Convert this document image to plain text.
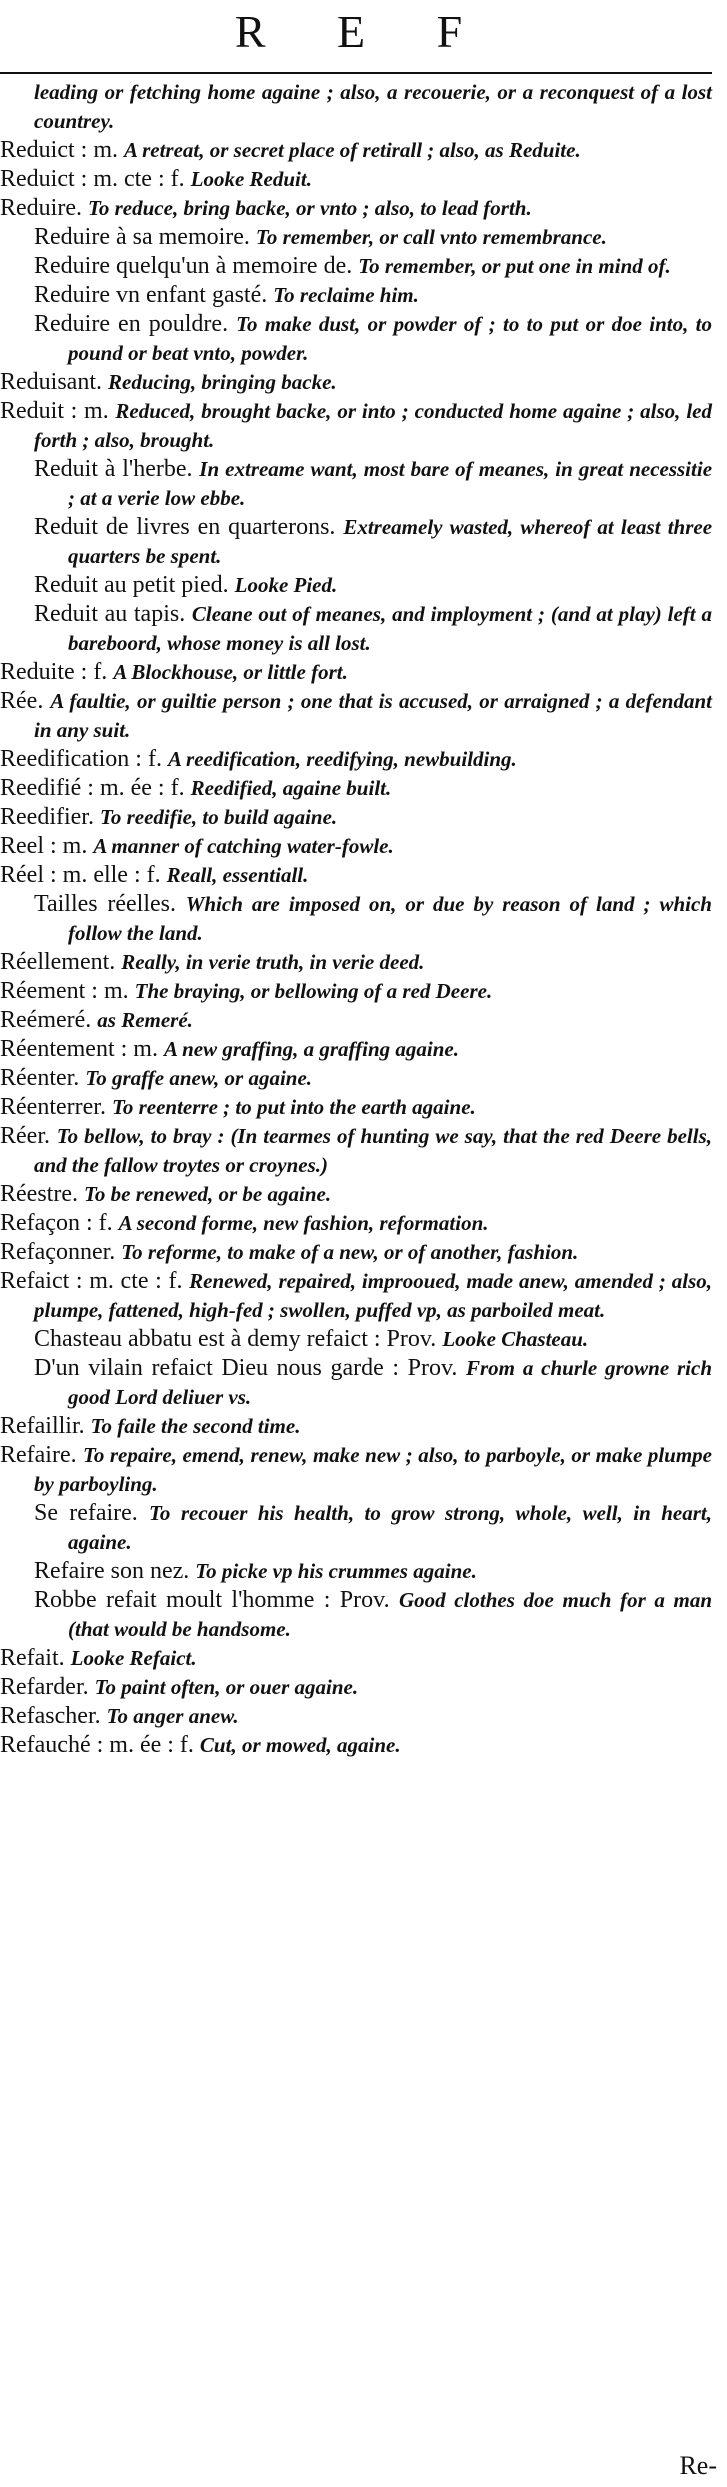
R E F

leading or fetching home againe ; also, a recouerie, or a reconquest of a lost countrey.

Reduict : m. A retreat, or secret place of retirall ; also, as Reduite.

Reduict : m. cte : f. Looke Reduit.

Reduire. To reduce, bring backe, or vnto ; also, to lead forth.

Reduire à sa memoire. To remember, or call vnto remembrance.

Reduire quelqu'un à memoire de. To remember, or put one in mind of.

Reduire vn enfant gasté. To reclaime him.

Reduire en pouldre. To make dust, or powder of ; to to put or doe into, to pound or beat vnto, powder.

Reduisant. Reducing, bringing backe.

Reduit : m. Reduced, brought backe, or into ; conducted home againe ; also, led forth ; also, brought.

Reduit à l'herbe. In extreame want, most bare of meanes, in great necessitie ; at a verie low ebbe.

Reduit de livres en quarterons. Extreamely wasted, whereof at least three quarters be spent.

Reduit au petit pied. Looke Pied.

Reduit au tapis. Cleane out of meanes, and imployment ; (and at play) left a bareboord, whose money is all lost.

Reduite : f. A Blockhouse, or little fort.

Rée. A faultie, or guiltie person ; one that is accused, or arraigned ; a defendant in any suit.

Reedification : f. A reedification, reedifying, newbuilding.

Reedifié : m. ée : f. Reedified, againe built.

Reedifier. To reedifie, to build againe.

Reel : m. A manner of catching water-fowle.

Réel : m. elle : f. Reall, essentiall.

Tailles réelles. Which are imposed on, or due by reason of land ; which follow the land.

Réellement. Really, in verie truth, in verie deed.

Réement : m. The braying, or bellowing of a red Deere.

Reémeré. as Remeré.

Réentement : m. A new graffing, a graffing againe.

Réenter. To graffe anew, or againe.

Réenterrer. To reenterre ; to put into the earth againe.

Réer. To bellow, to bray : (In tearmes of hunting we say, that the red Deere bells, and the fallow troytes or croynes.)

Réestre. To be renewed, or be againe.

Refaçon : f. A second forme, new fashion, reformation.

Refaçonner. To reforme, to make of a new, or of another, fashion.

Refaict : m. cte : f. Renewed, repaired, improoued, made anew, amended ; also, plumpe, fattened, high-fed ; swollen, puffed vp, as parboiled meat.

Chasteau abbatu est à demy refaict : Prov. Looke Chasteau.

D'un vilain refaict Dieu nous garde : Prov. From a churle growne rich good Lord deliuer vs.

Refaillir. To faile the second time.

Refaire. To repaire, emend, renew, make new ; also, to parboyle, or make plumpe by parboyling.

Se refaire. To recouer his health, to grow strong, whole, well, in heart, againe.

Refaire son nez. To picke vp his crummes againe.

Robbe refait moult l'homme : Prov. Good clothes doe much for a man (that would be handsome.

Refait. Looke Refaict.

Refarder. To paint often, or ouer againe.

Refascher. To anger anew.

Refauché : m. ée : f. Cut, or mowed, againe.

Re-
